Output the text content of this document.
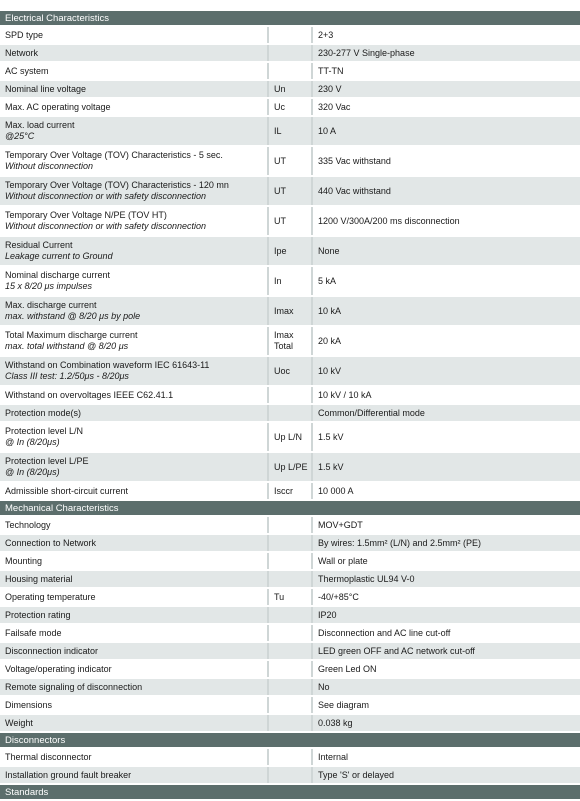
Electrical Characteristics		

SPD type		2+3

Network		230-277 V Single-phase

AC system		TT-TN

Nominal line voltage	Un	230 V

Max. AC operating voltage	Uc	320 Vac

Max. load current
@25°C	IL	10 A

Temporary Over Voltage (TOV) Characteristics - 5 sec.
Without disconnection	UT	335 Vac withstand

Temporary Over Voltage (TOV) Characteristics - 120 mn
Without disconnection or with safety disconnection	UT	440 Vac withstand

Temporary Over Voltage N/PE (TOV HT)
Without disconnection or with safety disconnection	UT	1200 V/300A/200 ms disconnection

Residual Current
Leakage current to Ground	Ipe	None

Nominal discharge current
15 x 8/20 μs impulses	In	5 kA

Max. discharge current
max. withstand @ 8/20 μs by pole	Imax	10 kA

Total Maximum discharge current
max. total withstand @ 8/20 μs	Imax Total	20 kA

Withstand on Combination waveform IEC 61643-11
Class III test: 1.2/50μs - 8/20μs	Uoc	10 kV

Withstand on overvoltages IEEE C62.41.1		10 kV / 10 kA

Protection mode(s)		Common/Differential mode

Protection level L/N
@ In (8/20μs)	Up L/N	1.5 kV

Protection level L/PE
@ In (8/20μs)	Up L/PE	1.5 kV

Admissible short-circuit current	Isccr	10 000 A
Mechanical Characteristics		

Technology		MOV+GDT

Connection to Network		By wires: 1.5mm² (L/N) and 2.5mm² (PE)

Mounting		Wall or plate

Housing material		Thermoplastic UL94 V-0

Operating temperature	Tu	-40/+85°C

Protection rating		IP20

Failsafe mode		Disconnection and AC line cut-off

Disconnection indicator		LED green OFF and AC network cut-off

Voltage/operating indicator		Green Led ON

Remote signaling of disconnection		No

Dimensions		See diagram

Weight		0.038 kg
Disconnectors		

Thermal disconnector		Internal

Installation ground fault breaker		Type 'S' or delayed
Standards		
